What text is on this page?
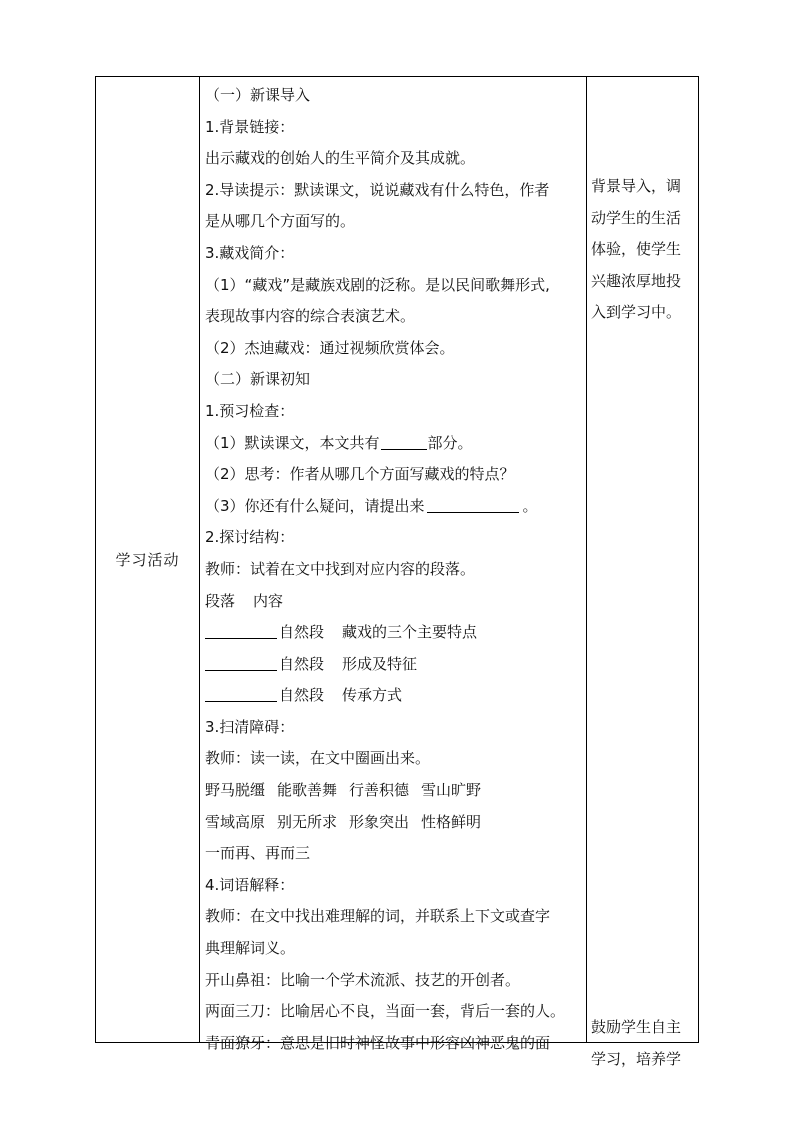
学习活动
（一）新课导入
1.背景链接：
出示藏戏的创始人的生平简介及其成就。
2.导读提示：默读课文，说说藏戏有什么特色，作者
是从哪几个方面写的。
3.藏戏简介：
（1）“藏戏”是藏族戏剧的泛称。是以民间歌舞形式,
表现故事内容的综合表演艺术。
（2）杰迪藏戏：通过视频欣赏体会。
（二）新课初知
1.预习检查：
（1）默读课文，本文共有	部分。
（2）思考：作者从哪几个方面写藏戏的特点？
（3）你还有什么疑问，请提出来	。
2.探讨结构：
教师：试着在文中找到对应内容的段落。
段落 内容
自然段 藏戏的三个主要特点
自然段 形成及特征
自然段 传承方式
3.扫清障碍：
教师：读一读，在文中圈画出来。
野马脱缰 能歌善舞 行善积德 雪山旷野
雪域高原 别无所求 形象突出 性格鲜明
一而再、再而三
4.词语解释：
教师：在文中找出难理解的词，并联系上下文或查字
典理解词义。
开山鼻祖：比喻一个学术流派、技艺的开创者。
两面三刀：比喻居心不良，当面一套，背后一套的人。
青面獠牙：意思是旧时神怪故事中形容凶神恶鬼的面
背景导入，调
动学生的生活
体验，使学生
兴趣浓厚地投
入到学习中。
鼓励学生自主
学习，培养学
